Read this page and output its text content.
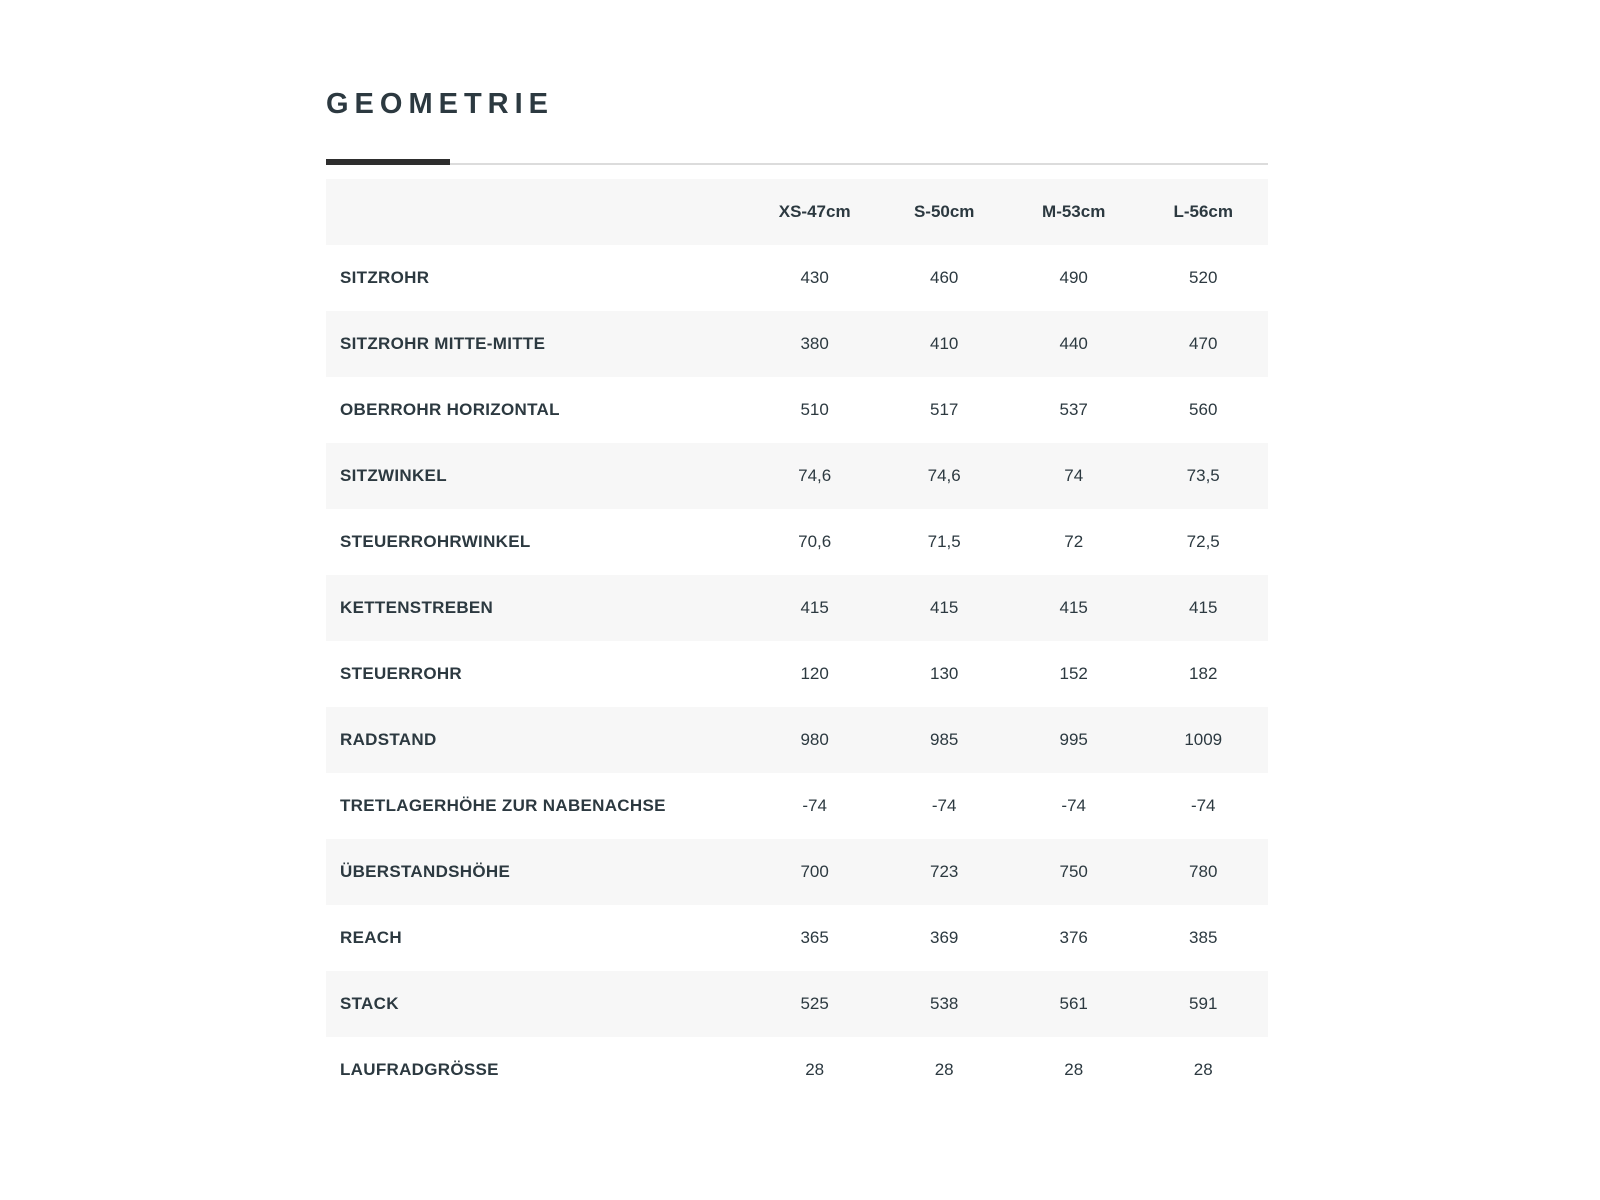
GEOMETRIE
	XS-47cm	S-50cm	M-53cm	L-56cm
SITZROHR	430	460	490	520
SITZROHR MITTE-MITTE	380	410	440	470
OBERROHR HORIZONTAL	510	517	537	560
SITZWINKEL	74,6	74,6	74	73,5
STEUERROHRWINKEL	70,6	71,5	72	72,5
KETTENSTREBEN	415	415	415	415
STEUERROHR	120	130	152	182
RADSTAND	980	985	995	1009
TRETLAGERHÖHE ZUR NABENACHSE	-74	-74	-74	-74
ÜBERSTANDSHÖHE	700	723	750	780
REACH	365	369	376	385
STACK	525	538	561	591
LAUFRADGRÖSSE	28	28	28	28
